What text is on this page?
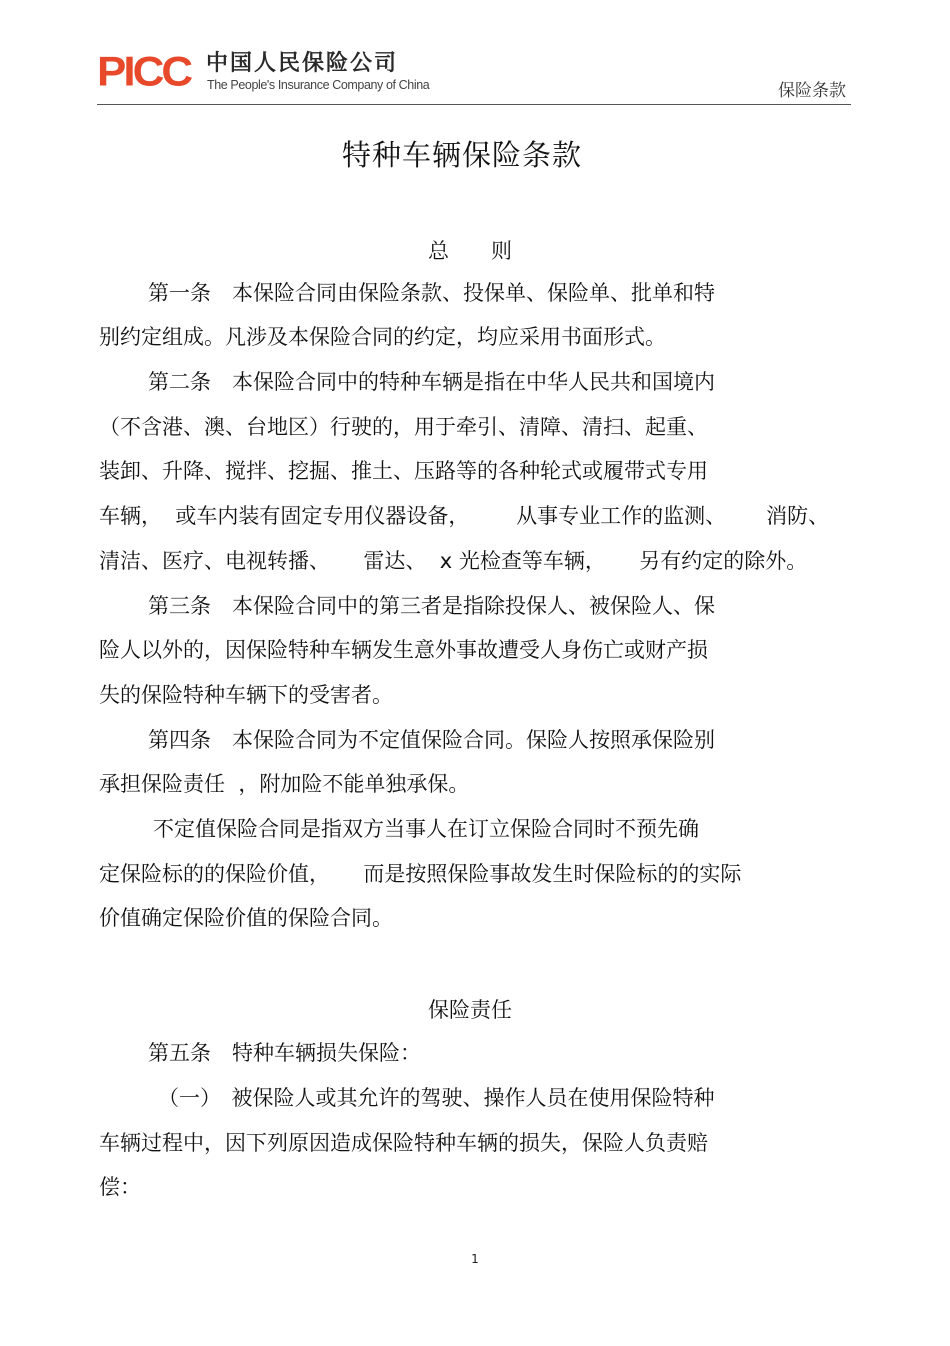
PICC 中国人民保险公司
The People's Insurance Company of China	保险条款
特种车辆保险条款
总　　则
第一条　本保险合同由保险条款、投保单、保险单、批单和特
别约定组成。凡涉及本保险合同的约定，均应采用书面形式。
第二条　本保险合同中的特种车辆是指在中华人民共和国境内
（不含港、澳、台地区）行驶的，用于牵引、清障、清扫、起重、
装卸、升降、搅拌、挖掘、推土、压路等的各种轮式或履带式专用
车辆，  或车内装有固定专用仪器设备，       从事专业工作的监测、      消防、
清洁、医疗、电视转播、     雷达、  x 光检查等车辆，     另有约定的除外。
第三条　本保险合同中的第三者是指除投保人、被保险人、保
险人以外的，因保险特种车辆发生意外事故遭受人身伤亡或财产损
失的保险特种车辆下的受害者。
第四条　本保险合同为不定值保险合同。保险人按照承保险别
承担保险责任  ，附加险不能单独承保。
不定值保险合同是指双方当事人在订立保险合同时不预先确
定保险标的的保险价值，     而是按照保险事故发生时保险标的的实际
价值确定保险价值的保险合同。
保险责任
第五条　特种车辆损失保险：
（一）　被保险人或其允许的驾驶、操作人员在使用保险特种
车辆过程中，因下列原因造成保险特种车辆的损失，保险人负责赔
偿：
1
